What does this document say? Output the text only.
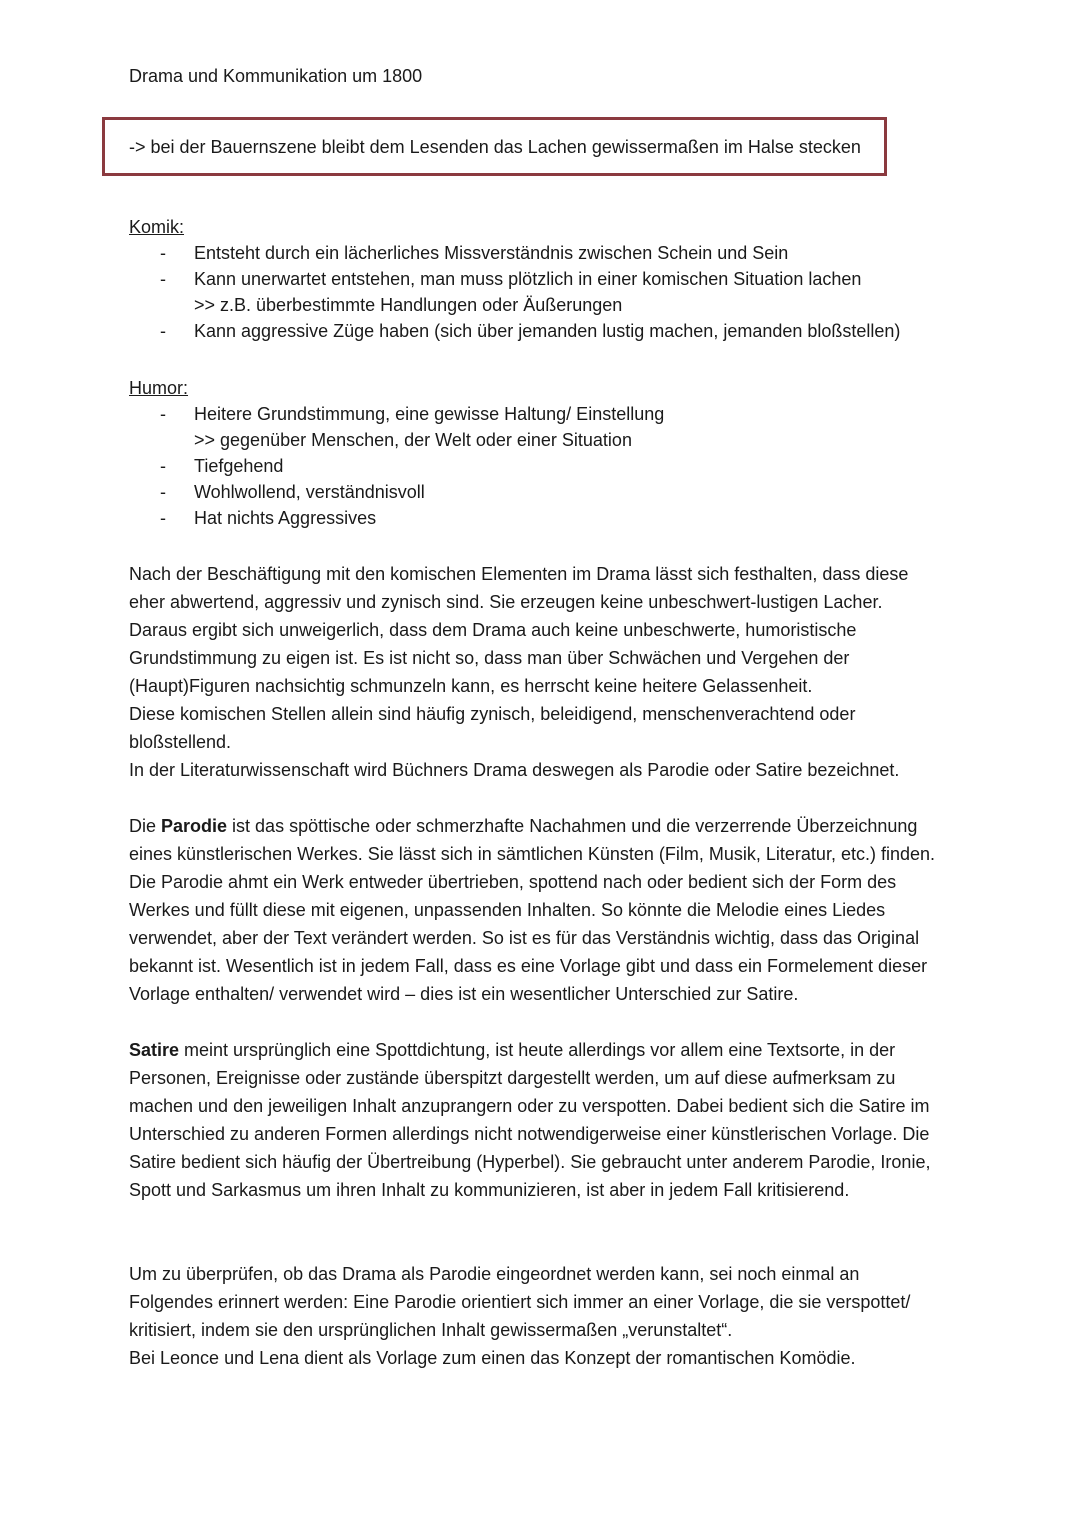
Drama und Kommunikation um 1800
-> bei der Bauernszene bleibt dem Lesenden das Lachen gewissermaßen im Halse stecken

Komik:

- Entsteht durch ein lächerliches Missverständnis zwischen Schein und Sein
- Kann unerwartet entstehen, man muss plötzlich in einer komischen Situation lachen
>> z.B. überbestimmte Handlungen oder Äußerungen
- Kann aggressive Züge haben (sich über jemanden lustig machen, jemanden bloßstellen)

Humor:

- Heitere Grundstimmung, eine gewisse Haltung/ Einstellung
>> gegenüber Menschen, der Welt oder einer Situation
- Tiefgehend
- Wohlwollend, verständnisvoll
- Hat nichts Aggressives

Nach der Beschäftigung mit den komischen Elementen im Drama lässt sich festhalten, dass diese

eher abwertend, aggressiv und zynisch sind. Sie erzeugen keine unbeschwert-lustigen Lacher.

Daraus ergibt sich unweigerlich, dass dem Drama auch keine unbeschwerte, humoristische

Grundstimmung zu eigen ist. Es ist nicht so, dass man über Schwächen und Vergehen der

(Haupt)Figuren nachsichtig schmunzeln kann, es herrscht keine heitere Gelassenheit.

Diese komischen Stellen allein sind häufig zynisch, beleidigend, menschenverachtend oder

bloßstellend.

In der Literaturwissenschaft wird Büchners Drama deswegen als Parodie oder Satire bezeichnet.

Die Parodie ist das spöttische oder schmerzhafte Nachahmen und die verzerrende Überzeichnung

eines künstlerischen Werkes. Sie lässt sich in sämtlichen Künsten (Film, Musik, Literatur, etc.) finden.

Die Parodie ahmt ein Werk entweder übertrieben, spottend nach oder bedient sich der Form des

Werkes und füllt diese mit eigenen, unpassenden Inhalten. So könnte die Melodie eines Liedes

verwendet, aber der Text verändert werden. So ist es für das Verständnis wichtig, dass das Original

bekannt ist. Wesentlich ist in jedem Fall, dass es eine Vorlage gibt und dass ein Formelement dieser

Vorlage enthalten/ verwendet wird – dies ist ein wesentlicher Unterschied zur Satire.

Satire meint ursprünglich eine Spottdichtung, ist heute allerdings vor allem eine Textsorte, in der

Personen, Ereignisse oder zustände überspitzt dargestellt werden, um auf diese aufmerksam zu

machen und den jeweiligen Inhalt anzuprangern oder zu verspotten. Dabei bedient sich die Satire im

Unterschied zu anderen Formen allerdings nicht notwendigerweise einer künstlerischen Vorlage. Die

Satire bedient sich häufig der Übertreibung (Hyperbel). Sie gebraucht unter anderem Parodie, Ironie,

Spott und Sarkasmus um ihren Inhalt zu kommunizieren, ist aber in jedem Fall kritisierend.

Um zu überprüfen, ob das Drama als Parodie eingeordnet werden kann, sei noch einmal an

Folgendes erinnert werden: Eine Parodie orientiert sich immer an einer Vorlage, die sie verspottet/

kritisiert, indem sie den ursprünglichen Inhalt gewissermaßen „verunstaltet“.

Bei Leonce und Lena dient als Vorlage zum einen das Konzept der romantischen Komödie.
